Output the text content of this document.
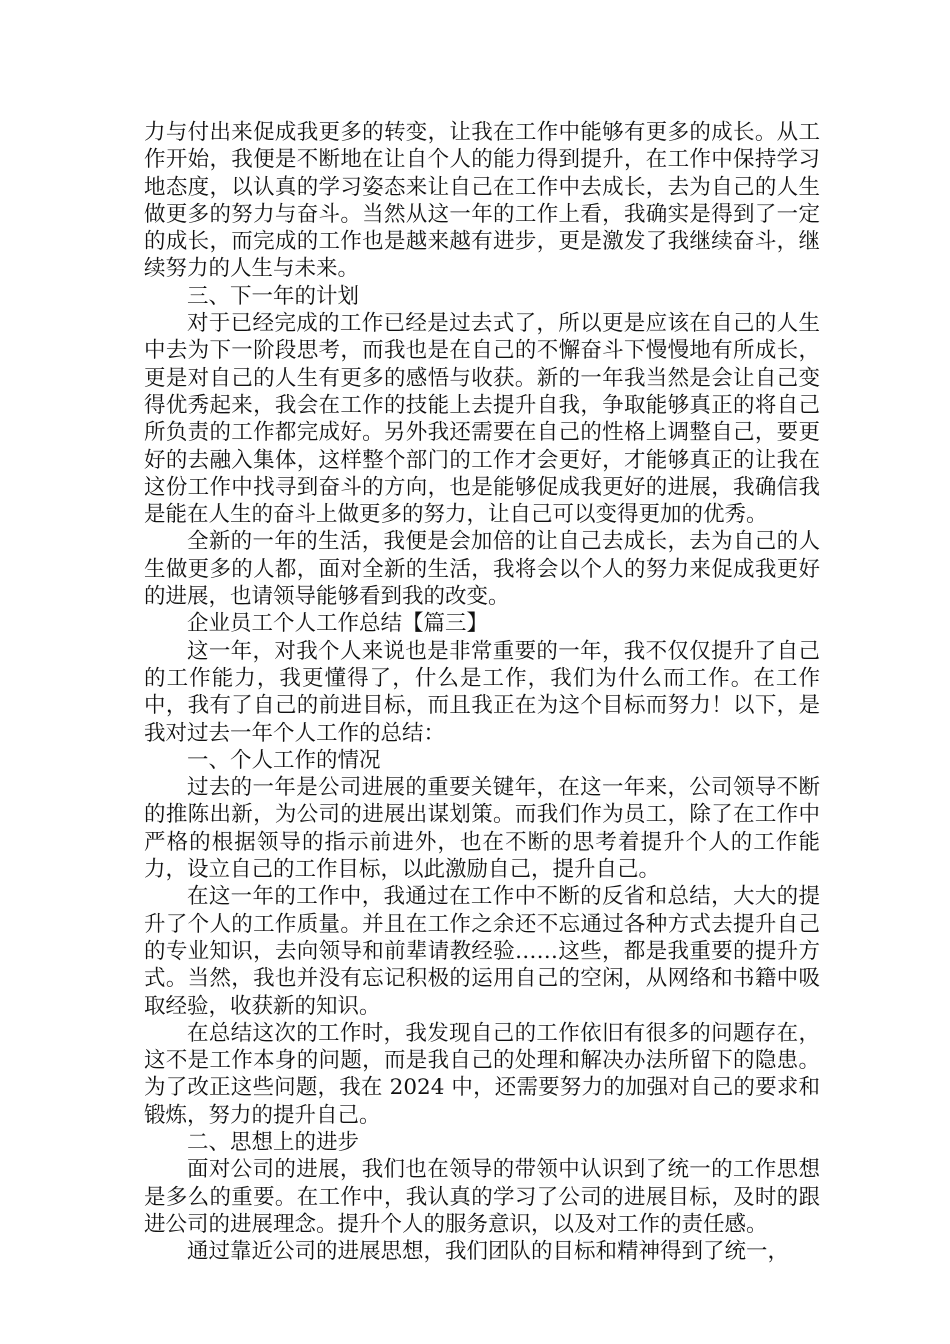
力与付出来促成我更多的转变，让我在工作中能够有更多的成长。从工作开始，我便是不断地在让自个人的能力得到提升，在工作中保持学习地态度，以认真的学习姿态来让自己在工作中去成长，去为自己的人生做更多的努力与奋斗。当然从这一年的工作上看，我确实是得到了一定的成长，而完成的工作也是越来越有进步，更是激发了我继续奋斗，继续努力的人生与未来。

三、下一年的计划

对于已经完成的工作已经是过去式了，所以更是应该在自己的人生中去为下一阶段思考，而我也是在自己的不懈奋斗下慢慢地有所成长，更是对自己的人生有更多的感悟与收获。新的一年我当然是会让自己变得优秀起来，我会在工作的技能上去提升自我，争取能够真正的将自己所负责的工作都完成好。另外我还需要在自己的性格上调整自己，要更好的去融入集体，这样整个部门的工作才会更好，才能够真正的让我在这份工作中找寻到奋斗的方向，也是能够促成我更好的进展，我确信我是能在人生的奋斗上做更多的努力，让自己可以变得更加的优秀。

全新的一年的生活，我便是会加倍的让自己去成长，去为自己的人生做更多的人都，面对全新的生活，我将会以个人的努力来促成我更好的进展，也请领导能够看到我的改变。

企业员工个人工作总结【篇三】

这一年，对我个人来说也是非常重要的一年，我不仅仅提升了自己的工作能力，我更懂得了，什么是工作，我们为什么而工作。在工作中，我有了自己的前进目标，而且我正在为这个目标而努力！以下，是我对过去一年个人工作的总结：

一、个人工作的情况

过去的一年是公司进展的重要关键年，在这一年来，公司领导不断的推陈出新，为公司的进展出谋划策。而我们作为员工，除了在工作中严格的根据领导的指示前进外，也在不断的思考着提升个人的工作能力，设立自己的工作目标，以此激励自己，提升自己。

在这一年的工作中，我通过在工作中不断的反省和总结，大大的提升了个人的工作质量。并且在工作之余还不忘通过各种方式去提升自己的专业知识，去向领导和前辈请教经验……这些，都是我重要的提升方式。当然，我也并没有忘记积极的运用自己的空闲，从网络和书籍中吸取经验，收获新的知识。

在总结这次的工作时，我发现自己的工作依旧有很多的问题存在，这不是工作本身的问题，而是我自己的处理和解决办法所留下的隐患。为了改正这些问题，我在 2024 中，还需要努力的加强对自己的要求和锻炼，努力的提升自己。

二、思想上的进步

面对公司的进展，我们也在领导的带领中认识到了统一的工作思想是多么的重要。在工作中，我认真的学习了公司的进展目标，及时的跟进公司的进展理念。提升个人的服务意识，以及对工作的责任感。

通过靠近公司的进展思想，我们团队的目标和精神得到了统一，
